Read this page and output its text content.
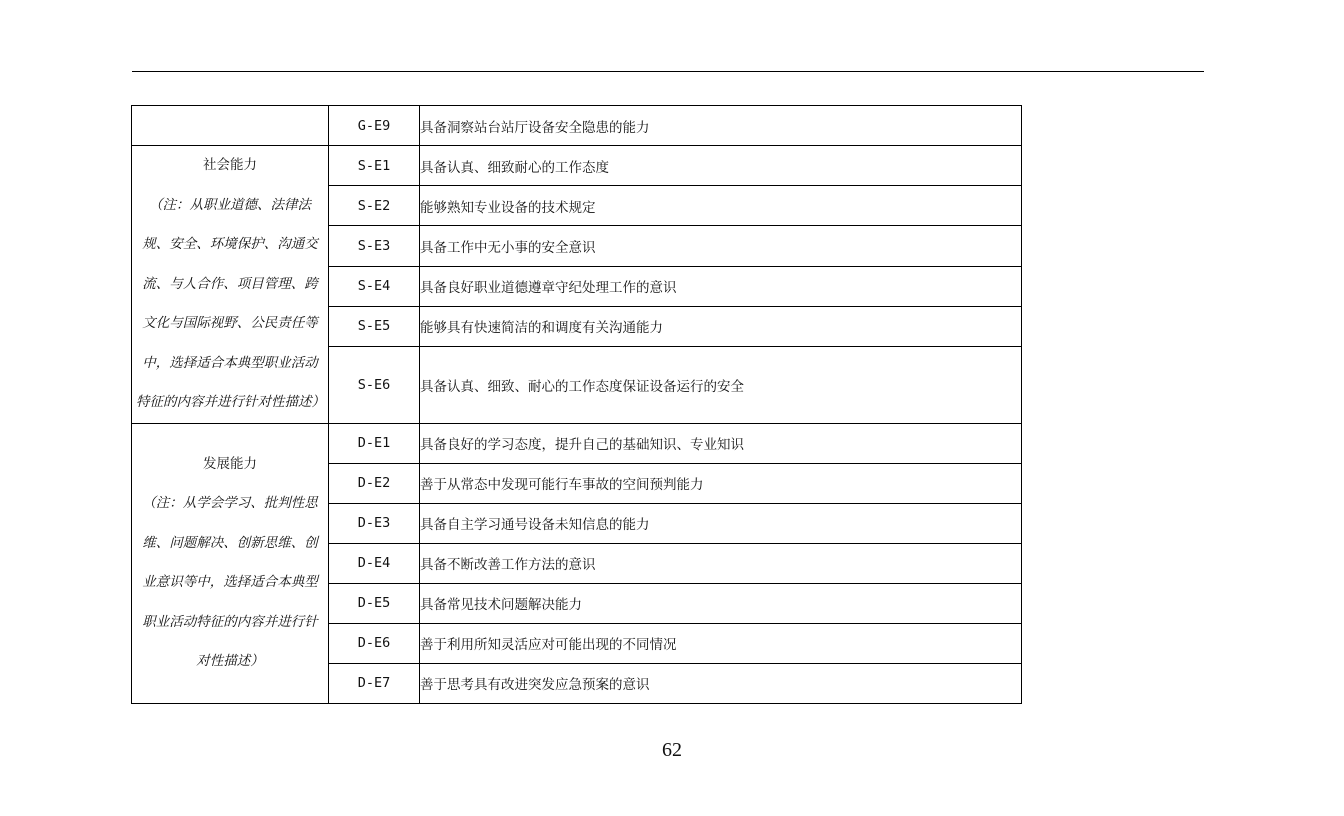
	G-E9	具备洞察站台站厅设备安全隐患的能力

社会能力
（注：从职业道德、法律法规、安全、环境保护、沟通交流、与人合作、项目管理、跨文化与国际视野、公民责任等中，选择适合本典型职业活动特征的内容并进行针对性描述）	S-E1	具备认真、细致耐心的工作态度
	S-E2	能够熟知专业设备的技术规定
	S-E3	具备工作中无小事的安全意识
	S-E4	具备良好职业道德遵章守纪处理工作的意识
	S-E5	能够具有快速简洁的和调度有关沟通能力
	S-E6	具备认真、细致、耐心的工作态度保证设备运行的安全

发展能力
（注：从学会学习、批判性思维、问题解决、创新思维、创业意识等中，选择适合本典型职业活动特征的内容并进行针对性描述）	D-E1	具备良好的学习态度，提升自己的基础知识、专业知识
	D-E2	善于从常态中发现可能行车事故的空间预判能力
	D-E3	具备自主学习通号设备未知信息的能力
	D-E4	具备不断改善工作方法的意识
	D-E5	具备常见技术问题解决能力
	D-E6	善于利用所知灵活应对可能出现的不同情况
	D-E7	善于思考具有改进突发应急预案的意识
62
